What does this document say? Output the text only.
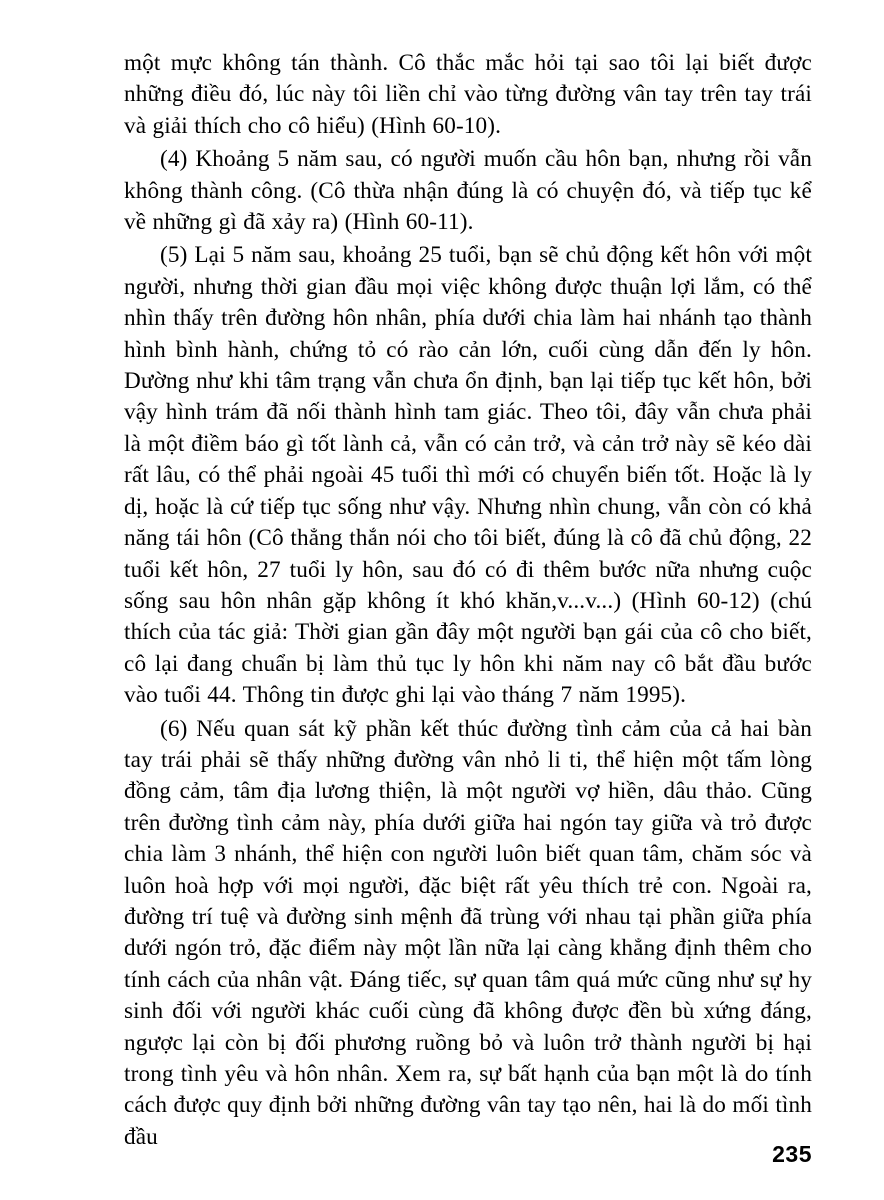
một mực không tán thành. Cô thắc mắc hỏi tại sao tôi lại biết được những điều đó, lúc này tôi liền chỉ vào từng đường vân tay trên tay trái và giải thích cho cô hiểu) (Hình 60-10).

(4) Khoảng 5 năm sau, có người muốn cầu hôn bạn, nhưng rồi vẫn không thành công. (Cô thừa nhận đúng là có chuyện đó, và tiếp tục kể về những gì đã xảy ra) (Hình 60-11).

(5) Lại 5 năm sau, khoảng 25 tuổi, bạn sẽ chủ động kết hôn với một người, nhưng thời gian đầu mọi việc không được thuận lợi lắm, có thể nhìn thấy trên đường hôn nhân, phía dưới chia làm hai nhánh tạo thành hình bình hành, chứng tỏ có rào cản lớn, cuối cùng dẫn đến ly hôn. Dường như khi tâm trạng vẫn chưa ổn định, bạn lại tiếp tục kết hôn, bởi vậy hình trám đã nối thành hình tam giác. Theo tôi, đây vẫn chưa phải là một điềm báo gì tốt lành cả, vẫn có cản trở, và cản trở này sẽ kéo dài rất lâu, có thể phải ngoài 45 tuổi thì mới có chuyển biến tốt. Hoặc là ly dị, hoặc là cứ tiếp tục sống như vậy. Nhưng nhìn chung, vẫn còn có khả năng tái hôn (Cô thẳng thắn nói cho tôi biết, đúng là cô đã chủ động, 22 tuổi kết hôn, 27 tuổi ly hôn, sau đó có đi thêm bước nữa nhưng cuộc sống sau hôn nhân gặp không ít khó khăn,v...v...) (Hình 60-12) (chú thích của tác giả: Thời gian gần đây một người bạn gái của cô cho biết, cô lại đang chuẩn bị làm thủ tục ly hôn khi năm nay cô bắt đầu bước vào tuổi 44. Thông tin được ghi lại vào tháng 7 năm 1995).

(6) Nếu quan sát kỹ phần kết thúc đường tình cảm của cả hai bàn tay trái phải sẽ thấy những đường vân nhỏ li ti, thể hiện một tấm lòng đồng cảm, tâm địa lương thiện, là một người vợ hiền, dâu thảo. Cũng trên đường tình cảm này, phía dưới giữa hai ngón tay giữa và trỏ được chia làm 3 nhánh, thể hiện con người luôn biết quan tâm, chăm sóc và luôn hoà hợp với mọi người, đặc biệt rất yêu thích trẻ con. Ngoài ra, đường trí tuệ và đường sinh mệnh đã trùng với nhau tại phần giữa phía dưới ngón trỏ, đặc điểm này một lần nữa lại càng khẳng định thêm cho tính cách của nhân vật. Đáng tiếc, sự quan tâm quá mức cũng như sự hy sinh đối với người khác cuối cùng đã không được đền bù xứng đáng, ngược lại còn bị đối phương ruồng bỏ và luôn trở thành người bị hại trong tình yêu và hôn nhân. Xem ra, sự bất hạnh của bạn một là do tính cách được quy định bởi những đường vân tay tạo nên, hai là do mối tình đầu

235
